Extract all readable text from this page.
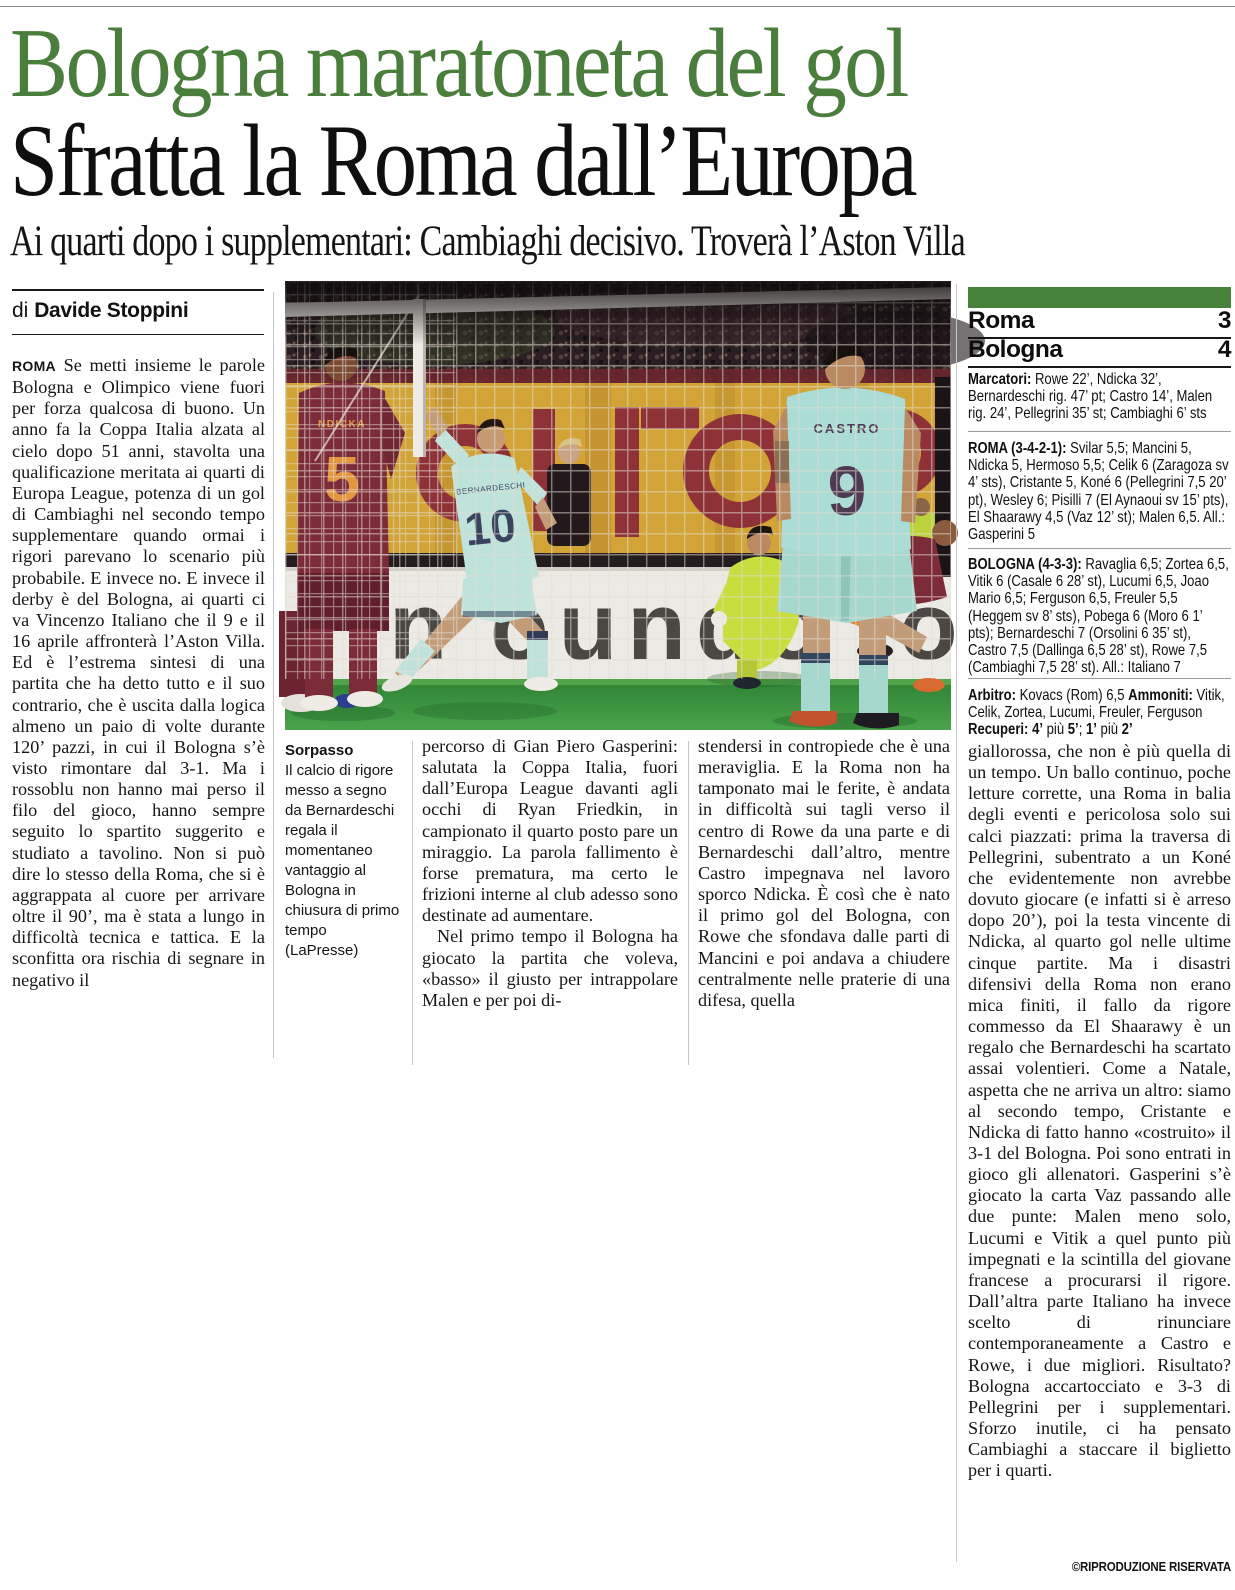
Bologna maratoneta del gol
Sfratta la Roma dall’Europa
Ai quarti dopo i supplementari: Cambiaghi decisivo. Troverà l’Aston Villa
di Davide Stoppini

ROMA Se metti insieme le parole Bologna e Olimpico viene fuori per forza qualcosa di buono. Un anno fa la Coppa Italia alzata al cielo dopo 51 anni, stavolta una qualificazione meritata ai quarti di Europa League, potenza di un gol di Cambiaghi nel secondo tempo supplementare quando ormai i rigori parevano lo scenario più probabile. E invece no. E invece il derby è del Bologna, ai quarti ci va Vincenzo Italiano che il 9 e il 16 aprile affronterà l’Aston Villa. Ed è l’estrema sintesi di una partita che ha detto tutto e il suo contrario, che è uscita dalla logica almeno un paio di volte durante 120’ pazzi, in cui il Bologna s’è visto rimontare dal 3-1. Ma i rossoblu non hanno mai perso il filo del gioco, hanno sempre seguito lo spartito suggerito e studiato a tavolino. Non si può dire lo stesso della Roma, che si è aggrappata al cuore per arrivare oltre il 90’, ma è stata a lungo in difficoltà tecnica e tattica. E la sconfitta ora rischia di segnare in negativo il

Sorpasso
Il calcio di rigore messo a segno da Bernardeschi regala il momentaneo vantaggio al Bologna in chiusura di primo tempo (LaPresse)

percorso di Gian Piero Gasperini: salutata la Coppa Italia, fuori dall’Europa League davanti agli occhi di Ryan Friedkin, in campionato il quarto posto pare un miraggio. La parola fallimento è forse prematura, ma certo le frizioni interne al club adesso sono destinate ad aumentare.

Nel primo tempo il Bologna ha giocato la partita che voleva, «basso» il giusto per intrappolare Malen e per poi di-

stendersi in contropiede che è una meraviglia. E la Roma non ha tamponato mai le ferite, è andata in difficoltà sui tagli verso il centro di Rowe da una parte e di Bernardeschi dall’altro, mentre Castro impegnava nel lavoro sporco Ndicka. È così che è nato il primo gol del Bologna, con Rowe che sfondava dalle parti di Mancini e poi andava a chiudere centralmente nelle praterie di una difesa, quella

Roma	3
Bologna	4
Marcatori: Rowe 22’, Ndicka 32’, Bernardeschi rig. 47’ pt; Castro 14’, Malen rig. 24’, Pellegrini 35’ st; Cambiaghi 6’ sts
ROMA (3-4-2-1): Svilar 5,5; Mancini 5, Ndicka 5, Hermoso 5,5; Celik 6 (Zaragoza sv 4’ sts), Cristante 5, Koné 6 (Pellegrini 7,5 20’ pt), Wesley 6; Pisilli 7 (El Aynaoui sv 15’ pts), El Shaarawy 4,5 (Vaz 12’ st); Malen 6,5. All.: Gasperini 5
BOLOGNA (4-3-3): Ravaglia 6,5; Zortea 6,5, Vitik 6 (Casale 6 28’ st), Lucumi 6,5, Joao Mario 6,5; Ferguson 6,5, Freuler 5,5 (Heggem sv 8’ sts), Pobega 6 (Moro 6 1’ pts); Bernardeschi 7 (Orsolini 6 35’ st), Castro 7,5 (Dallinga 6,5 28’ st), Rowe 7,5 (Cambiaghi 7,5 28’ st). All.: Italiano 7
Arbitro: Kovacs (Rom) 6,5 Ammoniti: Vitik, Celik, Zortea, Lucumi, Freuler, Ferguson Recuperi: 4’ più 5’; 1’ più 2’

giallorossa, che non è più quella di un tempo. Un ballo continuo, poche letture corrette, una Roma in balia degli eventi e pericolosa solo sui calci piazzati: prima la traversa di Pellegrini, subentrato a un Koné che evidentemente non avrebbe dovuto giocare (e infatti si è arreso dopo 20’), poi la testa vincente di Ndicka, al quarto gol nelle ultime cinque partite. Ma i disastri difensivi della Roma non erano mica finiti, il fallo da rigore commesso da El Shaarawy è un regalo che Bernardeschi ha scartato assai volentieri. Come a Natale, aspetta che ne arriva un altro: siamo al secondo tempo, Cristante e Ndicka di fatto hanno «costruito» il 3-1 del Bologna. Poi sono entrati in gioco gli allenatori. Gasperini s’è giocato la carta Vaz passando alle due punte: Malen meno solo, Lucumi e Vitik a quel punto più impegnati e la scintilla del giovane francese a procurarsi il rigore. Dall’altra parte Italiano ha invece scelto di rinunciare contemporaneamente a Castro e Rowe, i due migliori. Risultato? Bologna accartocciato e 3-3 di Pellegrini per i supplementari. Sforzo inutile, ci ha pensato Cambiaghi a staccare il biglietto per i quarti.

©RIPRODUZIONE RISERVATA
